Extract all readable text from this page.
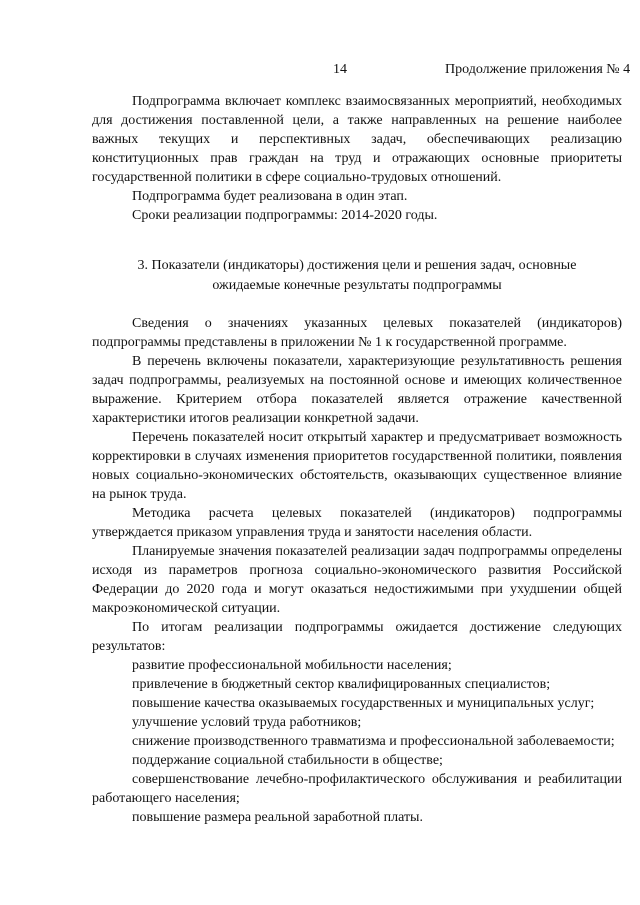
14	Продолжение приложения № 4

Подпрограмма включает комплекс взаимосвязанных мероприятий, необходимых для достижения поставленной цели, а также направленных на решение наиболее важных текущих и перспективных задач, обеспечивающих реализацию конституционных прав граждан на труд и отражающих основные приоритеты государственной политики в сфере социально-трудовых отношений.

Подпрограмма будет реализована в один этап.

Сроки реализации подпрограммы: 2014-2020 годы.

3. Показатели (индикаторы) достижения цели и решения задач, основные
ожидаемые конечные результаты подпрограммы

Сведения о значениях указанных целевых показателей (индикаторов) подпрограммы представлены в приложении № 1 к государственной программе.

В перечень включены показатели, характеризующие результативность решения задач подпрограммы, реализуемых на постоянной основе и имеющих количественное выражение. Критерием отбора показателей является отражение качественной характеристики итогов реализации конкретной задачи.

Перечень показателей носит открытый характер и предусматривает возможность корректировки в случаях изменения приоритетов государственной политики, появления новых социально-экономических обстоятельств, оказывающих существенное влияние на рынок труда.

Методика расчета целевых показателей (индикаторов) подпрограммы утверждается приказом управления труда и занятости населения области.

Планируемые значения показателей реализации задач подпрограммы определены исходя из параметров прогноза социально-экономического развития Российской Федерации до 2020 года и могут оказаться недостижимыми при ухудшении общей макроэкономической ситуации.

По итогам реализации подпрограммы ожидается достижение следующих результатов:

развитие профессиональной мобильности населения;

привлечение в бюджетный сектор квалифицированных специалистов;

повышение качества оказываемых государственных и муниципальных услуг;

улучшение условий труда работников;

снижение производственного травматизма и профессиональной заболеваемости;

поддержание социальной стабильности в обществе;

совершенствование лечебно-профилактического обслуживания и реабилитации работающего населения;

повышение размера реальной заработной платы.
